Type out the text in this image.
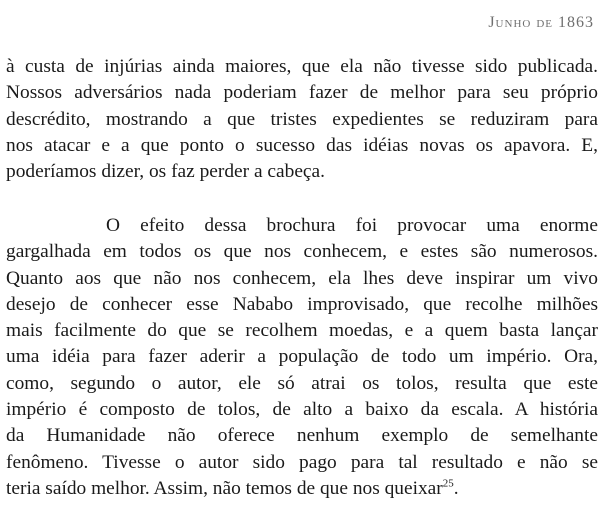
Junho de 1863
à custa de injúrias ainda maiores, que ela não tivesse sido publicada.
Nossos adversários nada poderiam fazer de melhor para seu próprio
descrédito, mostrando a que tristes expedientes se reduziram para
nos atacar e a que ponto o sucesso das idéias novas os apavora. E,
poderíamos dizer, os faz perder a cabeça.
O efeito dessa brochura foi provocar uma enorme
gargalhada em todos os que nos conhecem, e estes são numerosos.
Quanto aos que não nos conhecem, ela lhes deve inspirar um vivo
desejo de conhecer esse Nababo improvisado, que recolhe milhões
mais facilmente do que se recolhem moedas, e a quem basta lançar
uma idéia para fazer aderir a população de todo um império. Ora,
como, segundo o autor, ele só atrai os tolos, resulta que este
império é composto de tolos, de alto a baixo da escala. A história
da Humanidade não oferece nenhum exemplo de semelhante
fenômeno. Tivesse o autor sido pago para tal resultado e não se
teria saído melhor. Assim, não temos de que nos queixar$^{25}$.
